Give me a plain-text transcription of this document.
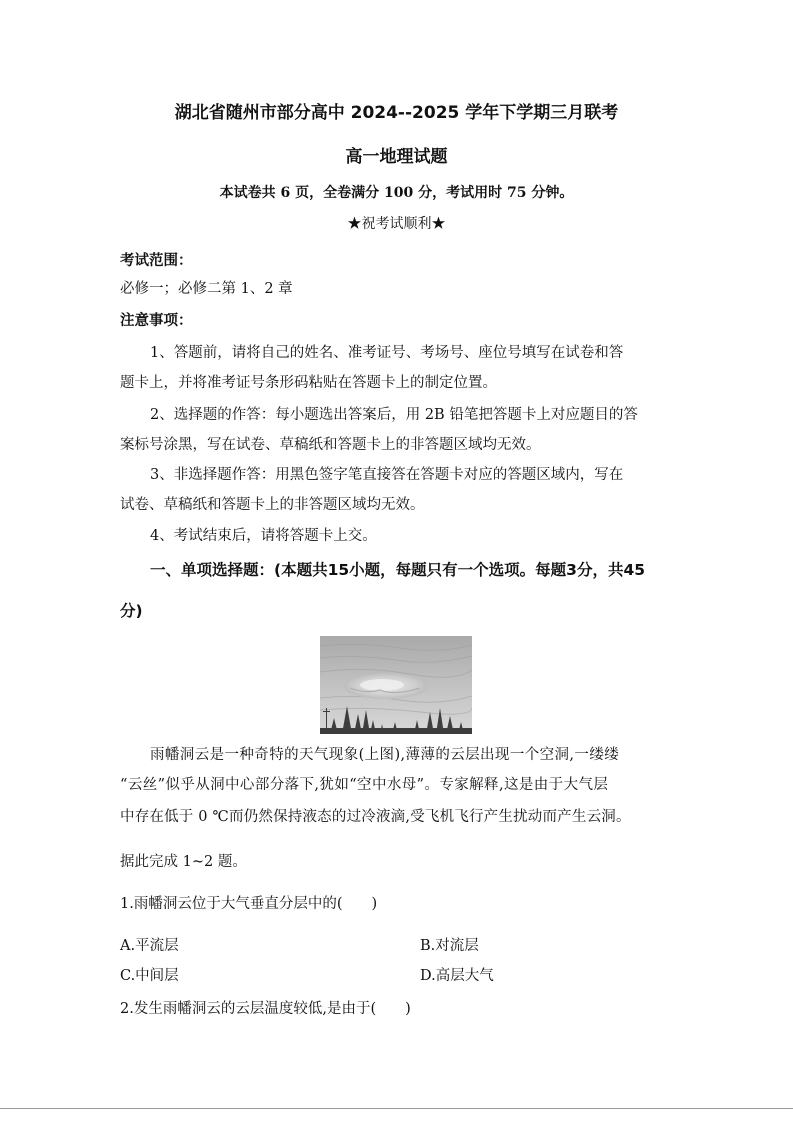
湖北省随州市部分高中 2024--2025 学年下学期三月联考
高一地理试题
本试卷共 6 页，全卷满分 100 分，考试用时 75 分钟。
★祝考试顺利★
考试范围：
必修一；必修二第 1、2 章
注意事项：
1、答题前，请将自己的姓名、准考证号、考场号、座位号填写在试卷和答
题卡上，并将准考证号条形码粘贴在答题卡上的制定位置。
2、选择题的作答：每小题选出答案后，用 2B 铅笔把答题卡上对应题目的答
案标号涂黑，写在试卷、草稿纸和答题卡上的非答题区域均无效。
3、非选择题作答：用黑色签字笔直接答在答题卡对应的答题区域内，写在
试卷、草稿纸和答题卡上的非答题区域均无效。
4、考试结束后，请将答题卡上交。
一、单项选择题：(本题共15小题，每题只有一个选项。每题3分，共45
分)
雨幡洞云是一种奇特的天气现象(上图),薄薄的云层出现一个空洞,一缕缕
“云丝”似乎从洞中心部分落下,犹如“空中水母”。专家解释,这是由于大气层
中存在低于 0 ℃而仍然保持液态的过冷液滴,受飞机飞行产生扰动而产生云洞。
据此完成 1~2 题。
1.雨幡洞云位于大气垂直分层中的(　　)
A.平流层	B.对流层
C.中间层	D.高层大气
2.发生雨幡洞云的云层温度较低,是由于(　　)
